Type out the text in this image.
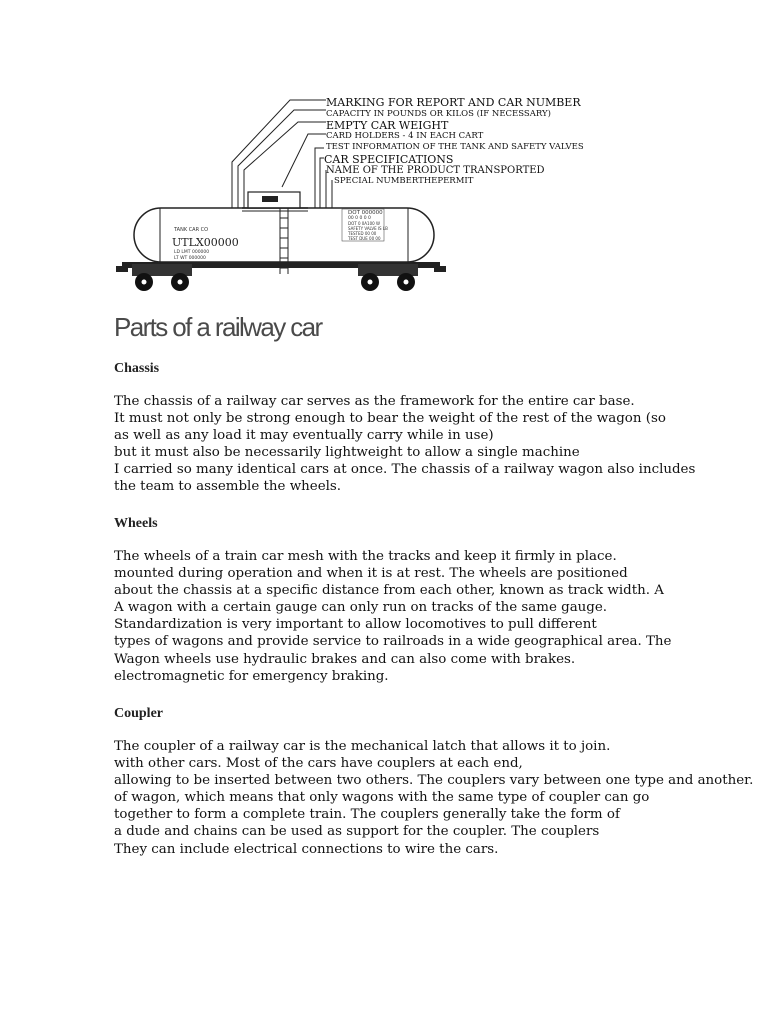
MARKING FOR REPORT AND CAR NUMBER
CAPACITY IN POUNDS OR KILOS (IF NECESSARY)
EMPTY CAR WEIGHT
CARD HOLDERS - 4 IN EACH CART
TEST INFORMATION OF THE TANK AND SAFETY VALVES
CAR SPECIFICATIONS
NAME OF THE PRODUCT TRANSPORTED
SPECIAL NUMBERTHEPERMIT
TANK CAR CO
UTLX00000
LD LMT 000000
LT WT 000000
DOT 000000
00 0 0 0 0
DOT 0 0A100 W
SAFETY VALVE IS LB
TESTED 00 00
TEST DUE 00 00
Parts of a railway car
Chassis

The chassis of a railway car serves as the framework for the entire car base.
It must not only be strong enough to bear the weight of the rest of the wagon (so
as well as any load it may eventually carry while in use)
but it must also be necessarily lightweight to allow a single machine
I carried so many identical cars at once. The chassis of a railway wagon also includes
the team to assemble the wheels.

Wheels

The wheels of a train car mesh with the tracks and keep it firmly in place.
mounted during operation and when it is at rest. The wheels are positioned
about the chassis at a specific distance from each other, known as track width. A
A wagon with a certain gauge can only run on tracks of the same gauge.
Standardization is very important to allow locomotives to pull different
types of wagons and provide service to railroads in a wide geographical area. The
Wagon wheels use hydraulic brakes and can also come with brakes.
electromagnetic for emergency braking.

Coupler

The coupler of a railway car is the mechanical latch that allows it to join.
with other cars. Most of the cars have couplers at each end,
allowing to be inserted between two others. The couplers vary between one type and another.
of wagon, which means that only wagons with the same type of coupler can go
together to form a complete train. The couplers generally take the form of
a dude and chains can be used as support for the coupler. The couplers
They can include electrical connections to wire the cars.
